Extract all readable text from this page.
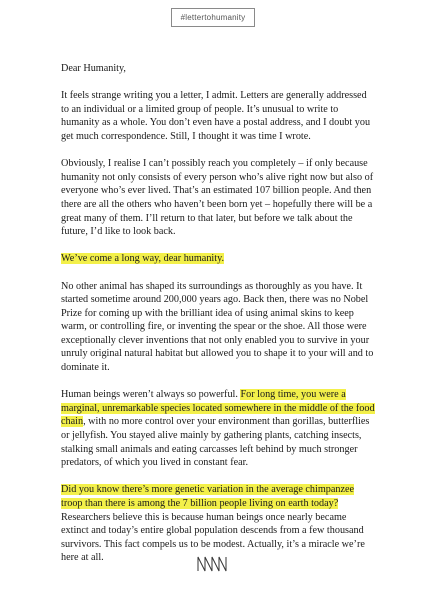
#lettertohumanity

Dear Humanity,

It feels strange writing you a letter, I admit. Letters are generally addressed to an individual or a limited group of people. It’s unusual to write to humanity as a whole. You don’t even have a postal address, and I doubt you get much correspondence. Still, I thought it was time I wrote.

Obviously, I realise I can’t possibly reach you completely – if only because humanity not only consists of every person who’s alive right now but also of everyone who’s ever lived. That’s an estimated 107 billion people. And then there are all the others who haven’t been born yet – hopefully there will be a great many of them. I’ll return to that later, but before we talk about the future, I’d like to look back.

We’ve come a long way, dear humanity.

No other animal has shaped its surroundings as thoroughly as you have. It started sometime around 200,000 years ago. Back then, there was no Nobel Prize for coming up with the brilliant idea of using animal skins to keep warm, or controlling fire, or inventing the spear or the shoe. All those were exceptionally clever inventions that not only enabled you to survive in your unruly original natural habitat but allowed you to shape it to your will and to dominate it.

Human beings weren’t always so powerful. For long time, you were a marginal, unremarkable species located somewhere in the middle of the food chain, with no more control over your environment than gorillas, butterflies or jellyfish. You stayed alive mainly by gathering plants, catching insects, stalking small animals and eating carcasses left behind by much stronger predators, of which you lived in constant fear.

Did you know there’s more genetic variation in the average chimpanzee troop than there is among the 7 billion people living on earth today? Researchers believe this is because human beings once nearly became extinct and today’s entire global population descends from a few thousand survivors. This fact compels us to be modest. Actually, it’s a miracle we’re here at all.
